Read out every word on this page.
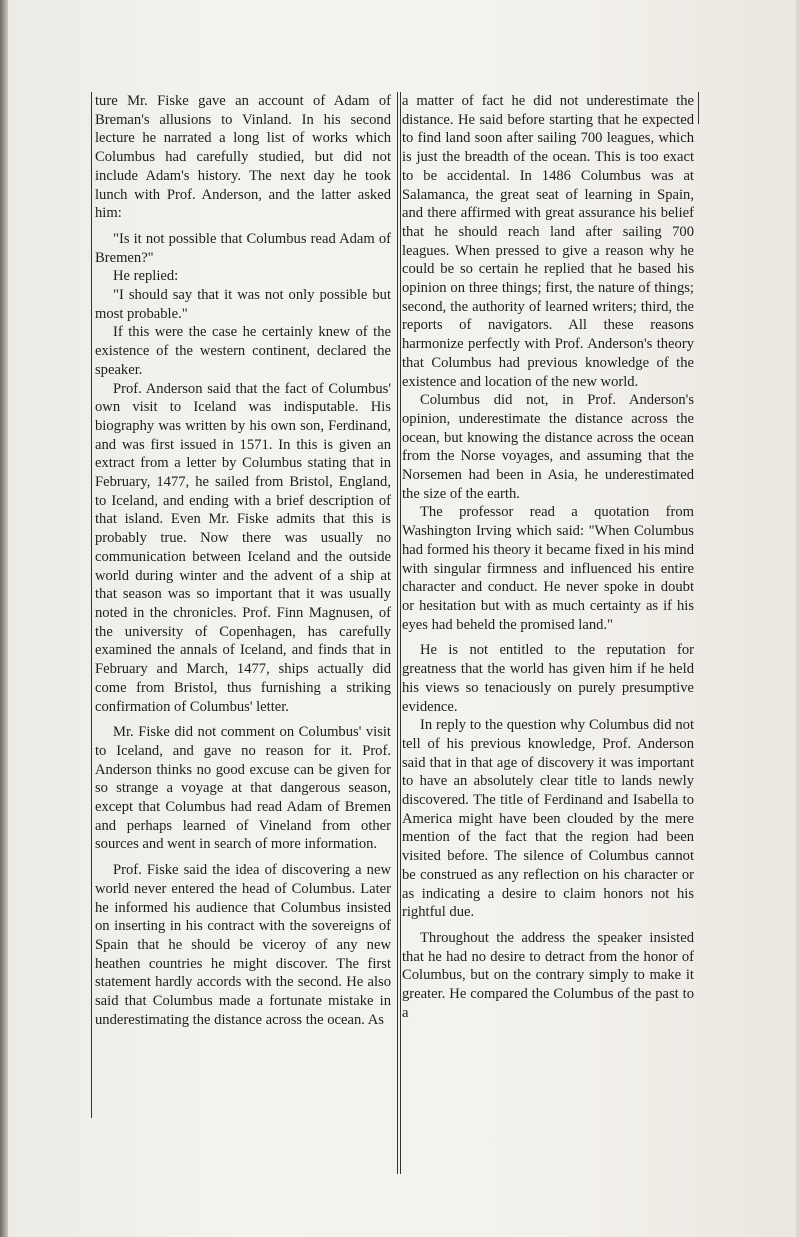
ture Mr. Fiske gave an account of Adam of Breman's allusions to Vinland. In his second lecture he narrated a long list of works which Columbus had carefully studied, but did not include Adam's history. The next day he took lunch with Prof. Anderson, and the latter asked him:

"Is it not possible that Columbus read Adam of Bremen?"

He replied:

"I should say that it was not only possible but most probable."

If this were the case he certainly knew of the existence of the western continent, declared the speaker.

Prof. Anderson said that the fact of Columbus' own visit to Iceland was indisputable. His biography was written by his own son, Ferdinand, and was first issued in 1571. In this is given an extract from a letter by Columbus stating that in February, 1477, he sailed from Bristol, England, to Iceland, and ending with a brief description of that island. Even Mr. Fiske admits that this is probably true. Now there was usually no communication between Iceland and the outside world during winter and the advent of a ship at that season was so important that it was usually noted in the chronicles. Prof. Finn Magnusen, of the university of Copenhagen, has carefully examined the annals of Iceland, and finds that in February and March, 1477, ships actually did come from Bristol, thus furnishing a striking confirmation of Columbus' letter.

Mr. Fiske did not comment on Columbus' visit to Iceland, and gave no reason for it. Prof. Anderson thinks no good excuse can be given for so strange a voyage at that dangerous season, except that Columbus had read Adam of Bremen and perhaps learned of Vineland from other sources and went in search of more information.

Prof. Fiske said the idea of discovering a new world never entered the head of Columbus. Later he informed his audience that Columbus insisted on inserting in his contract with the sovereigns of Spain that he should be viceroy of any new heathen countries he might discover. The first statement hardly accords with the second. He also said that Columbus made a fortunate mistake in underestimating the distance across the ocean. As

a matter of fact he did not underestimate the distance. He said before starting that he expected to find land soon after sailing 700 leagues, which is just the breadth of the ocean. This is too exact to be accidental. In 1486 Columbus was at Salamanca, the great seat of learning in Spain, and there affirmed with great assurance his belief that he should reach land after sailing 700 leagues. When pressed to give a reason why he could be so certain he replied that he based his opinion on three things; first, the nature of things; second, the authority of learned writers; third, the reports of navigators. All these reasons harmonize perfectly with Prof. Anderson's theory that Columbus had previous knowledge of the existence and location of the new world.

Columbus did not, in Prof. Anderson's opinion, underestimate the distance across the ocean, but knowing the distance across the ocean from the Norse voyages, and assuming that the Norsemen had been in Asia, he underestimated the size of the earth.

The professor read a quotation from Washington Irving which said: "When Columbus had formed his theory it became fixed in his mind with singular firmness and influenced his entire character and conduct. He never spoke in doubt or hesitation but with as much certainty as if his eyes had beheld the promised land."

He is not entitled to the reputation for greatness that the world has given him if he held his views so tenaciously on purely presumptive evidence.

In reply to the question why Columbus did not tell of his previous knowledge, Prof. Anderson said that in that age of discovery it was important to have an absolutely clear title to lands newly discovered. The title of Ferdinand and Isabella to America might have been clouded by the mere mention of the fact that the region had been visited before. The silence of Columbus cannot be construed as any reflection on his character or as indicating a desire to claim honors not his rightful due.

Throughout the address the speaker insisted that he had no desire to detract from the honor of Columbus, but on the contrary simply to make it greater. He compared the Columbus of the past to a
